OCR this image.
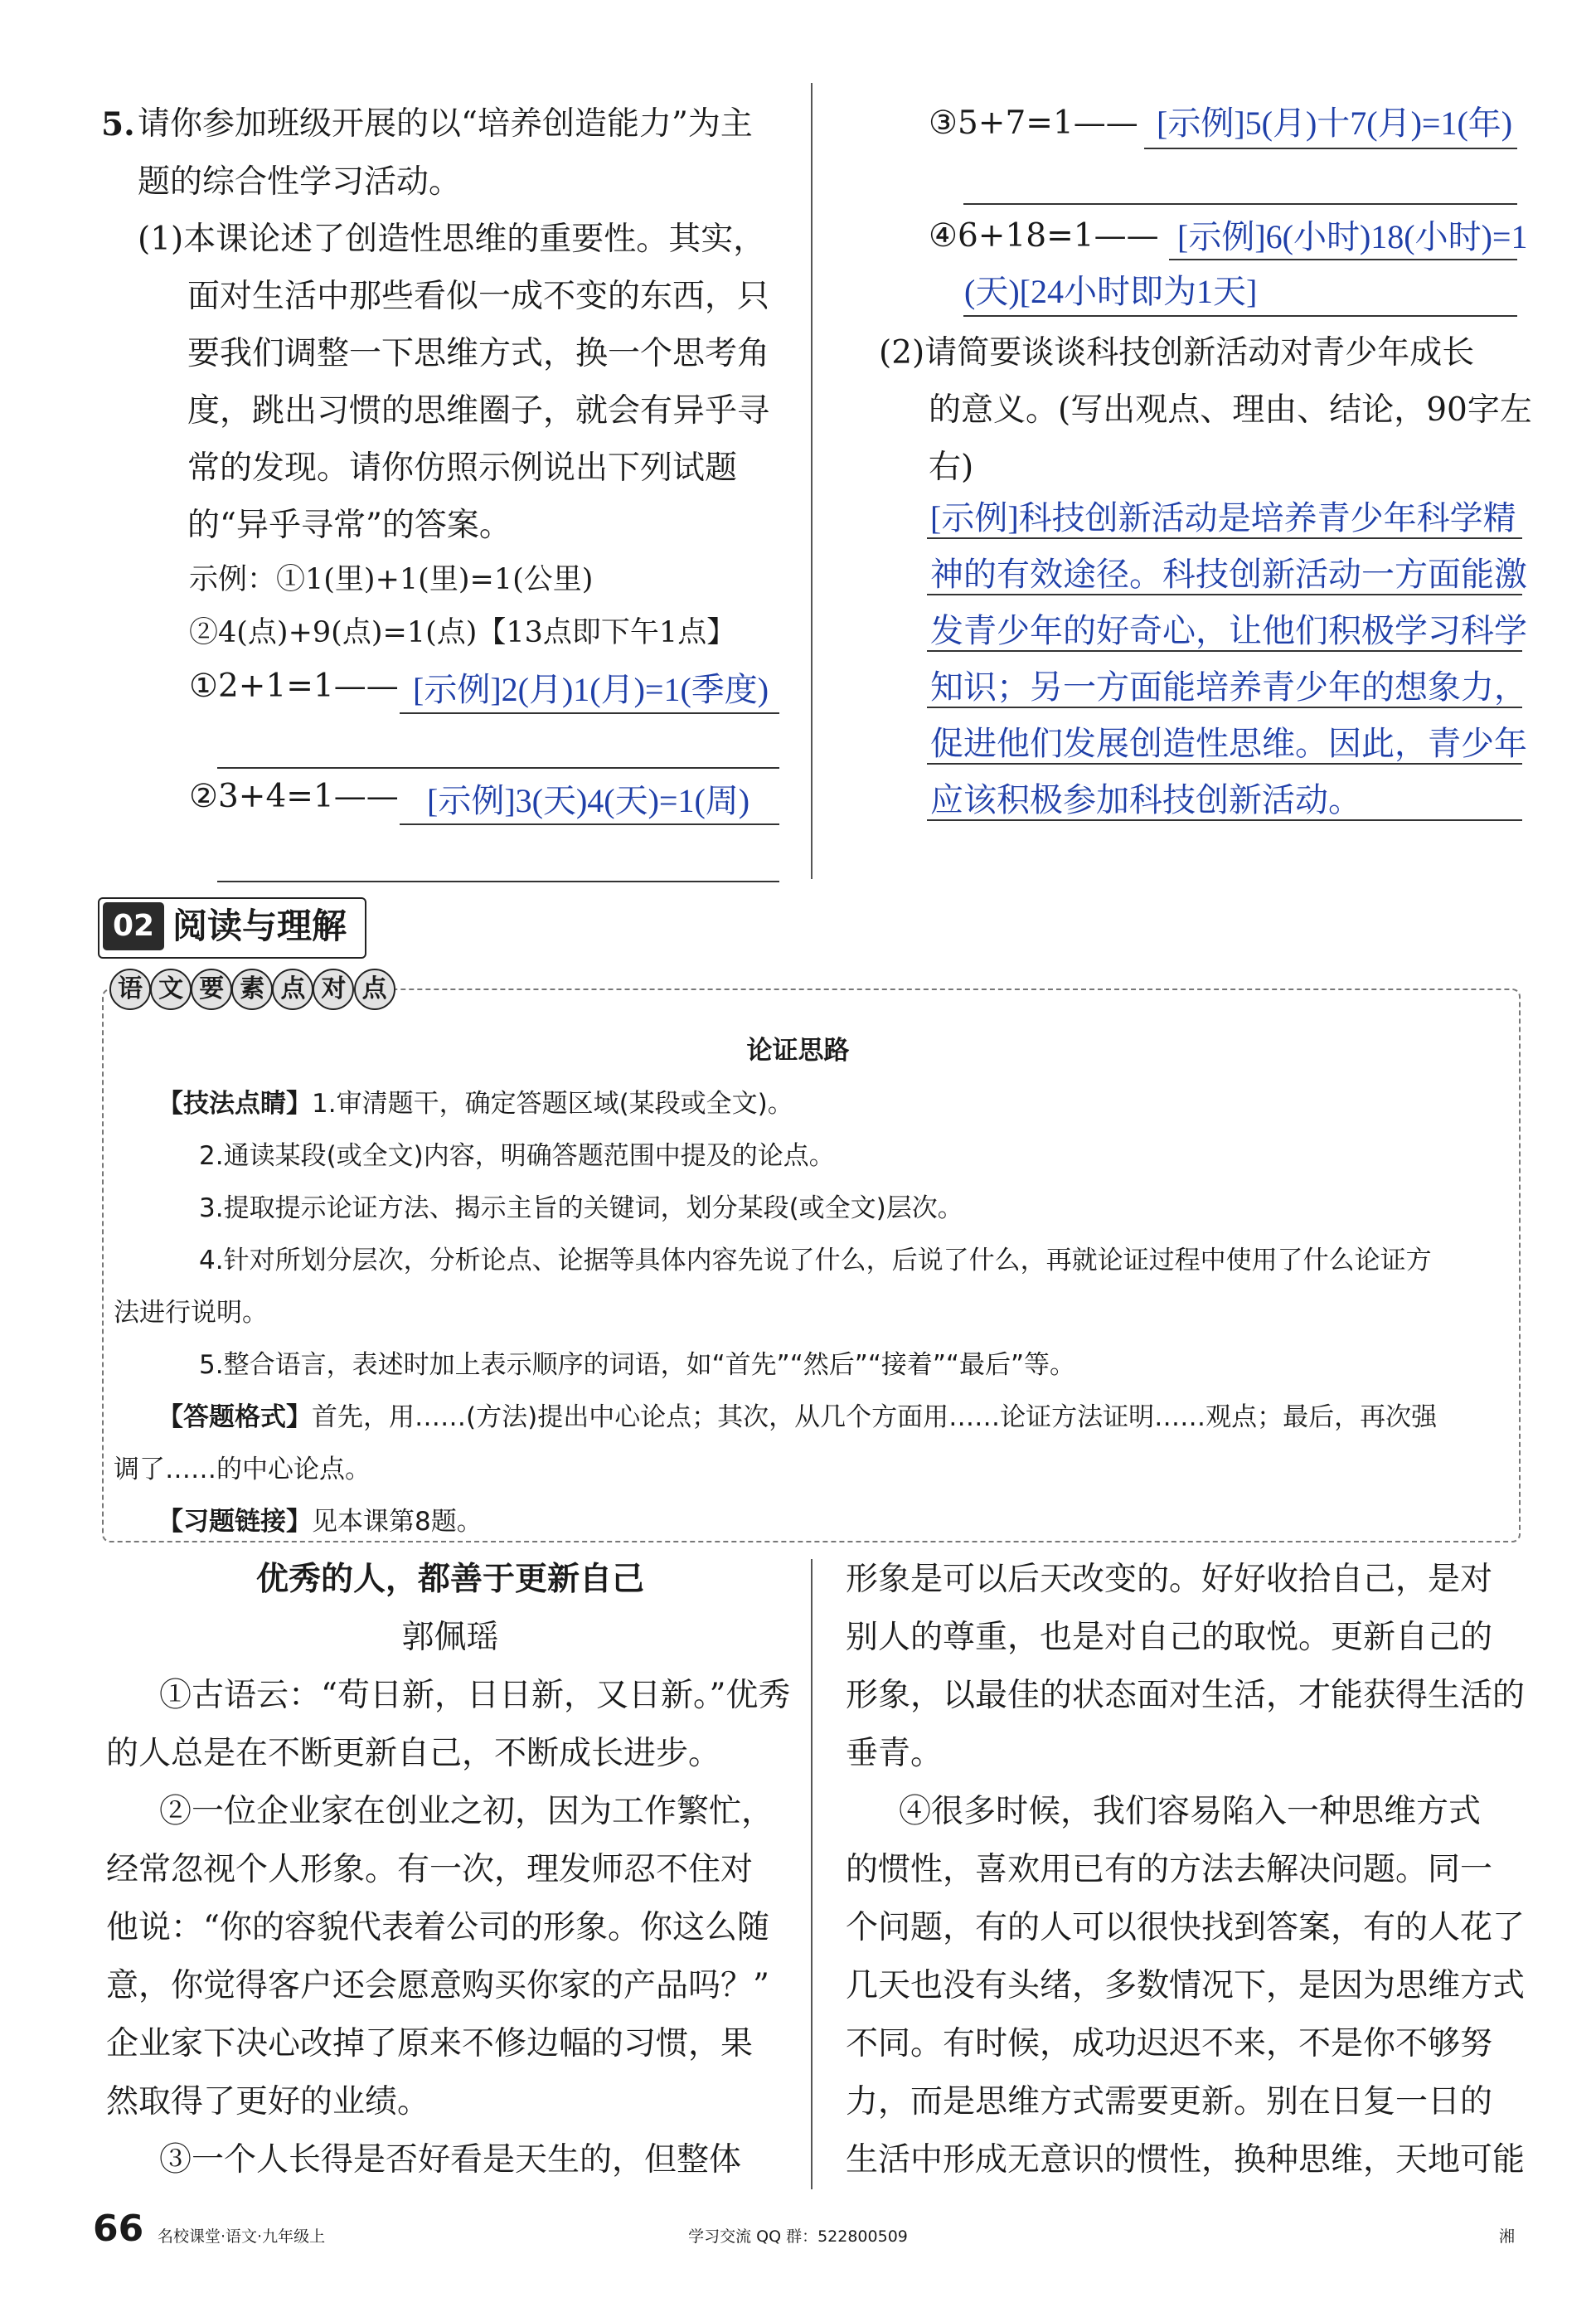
5. 请你参加班级开展的以“培养创造能力”为主
题的综合性学习活动。
(1)本课论述了创造性思维的重要性。其实，
面对生活中那些看似一成不变的东西，只
要我们调整一下思维方式，换一个思考角
度，跳出习惯的思维圈子，就会有异乎寻
常的发现。请你仿照示例说出下列试题
的“异乎寻常”的答案。
示例：①1(里)+1(里)=1(公里)
②4(点)+9(点)=1(点)【13点即下午1点】
①2+1=1—— [示例]2(月)1(月)=1(季度)
②3+4=1—— [示例]3(天)4(天)=1(周)
③5+7=1—— [示例]5(月)十7(月)=1(年)
④6+18=1—— [示例]6(小时)18(小时)=1
(天)[24小时即为1天]
(2)请简要谈谈科技创新活动对青少年成长
的意义。(写出观点、理由、结论，90字左
右)
[示例]科技创新活动是培养青少年科学精
神的有效途径。科技创新活动一方面能激
发青少年的好奇心，让他们积极学习科学
知识；另一方面能培养青少年的想象力，
促进他们发展创造性思维。因此，青少年
应该积极参加科技创新活动。
02 阅读与理解
语 文 要 素 点 对 点
论证思路
【技法点睛】1.审清题干，确定答题区域(某段或全文)。
2.通读某段(或全文)内容，明确答题范围中提及的论点。
3.提取提示论证方法、揭示主旨的关键词，划分某段(或全文)层次。
4.针对所划分层次，分析论点、论据等具体内容先说了什么，后说了什么，再就论证过程中使用了什么论证方
法进行说明。
5.整合语言，表述时加上表示顺序的词语，如“首先”“然后”“接着”“最后”等。
【答题格式】首先，用……(方法)提出中心论点；其次，从几个方面用……论证方法证明……观点；最后，再次强
调了……的中心论点。
【习题链接】见本课第8题。
优秀的人，都善于更新自己
郭佩瑶
①古语云：“苟日新，日日新，又日新。”优秀
的人总是在不断更新自己，不断成长进步。
②一位企业家在创业之初，因为工作繁忙，
经常忽视个人形象。有一次，理发师忍不住对
他说：“你的容貌代表着公司的形象。你这么随
意，你觉得客户还会愿意购买你家的产品吗？”
企业家下决心改掉了原来不修边幅的习惯，果
然取得了更好的业绩。
③一个人长得是否好看是天生的，但整体
形象是可以后天改变的。好好收拾自己，是对
别人的尊重，也是对自己的取悦。更新自己的
形象，以最佳的状态面对生活，才能获得生活的
垂青。
④很多时候，我们容易陷入一种思维方式
的惯性，喜欢用已有的方法去解决问题。同一
个问题，有的人可以很快找到答案，有的人花了
几天也没有头绪，多数情况下，是因为思维方式
不同。有时候，成功迟迟不来，不是你不够努
力，而是思维方式需要更新。别在日复一日的
生活中形成无意识的惯性，换种思维，天地可能
66 名校课堂·语文·九年级上	学习交流 QQ 群：522800509	湘
